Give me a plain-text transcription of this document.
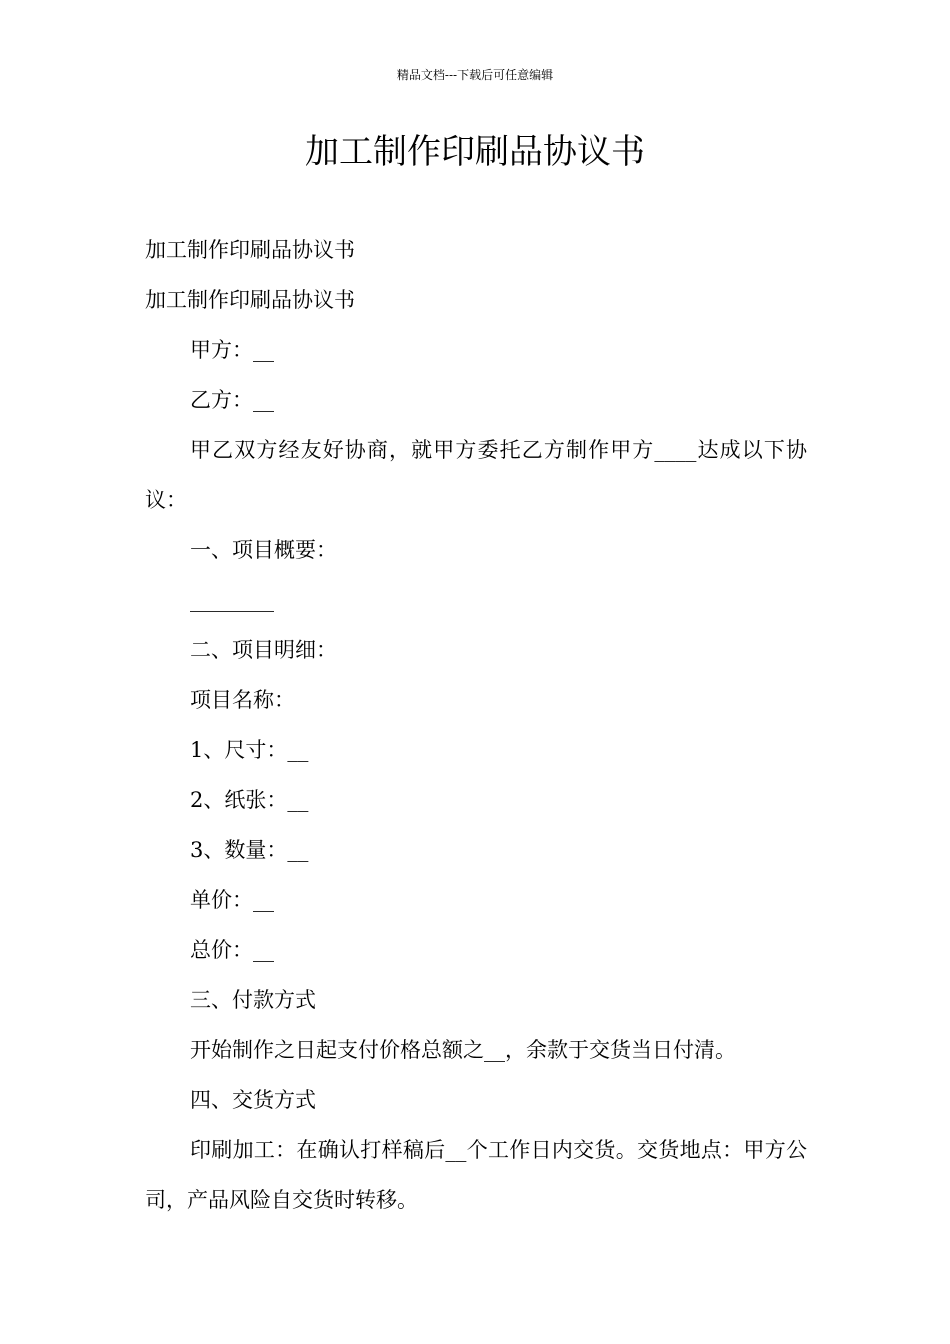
精品文档---下载后可任意编辑
加工制作印刷品协议书

加工制作印刷品协议书

加工制作印刷品协议书

甲方：__

乙方：__

甲乙双方经友好协商，就甲方委托乙方制作甲方____达成以下协议：

一、项目概要：

________

二、项目明细：

项目名称：

1、尺寸：__

2、纸张：__

3、数量：__

单价：__

总价：__

三、付款方式

开始制作之日起支付价格总额之__，余款于交货当日付清。

四、交货方式

印刷加工：在确认打样稿后__个工作日内交货。交货地点：甲方公司，产品风险自交货时转移。
